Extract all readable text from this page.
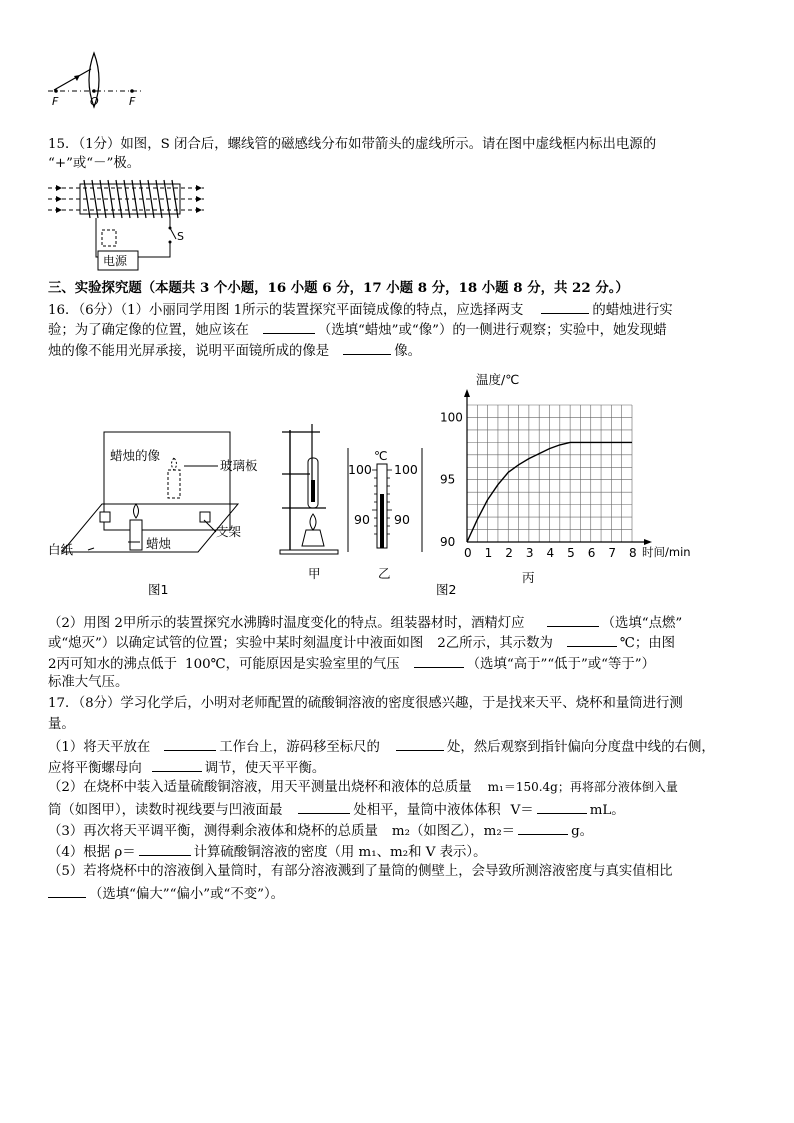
F	O	F
15．（1分）如图，S 闭合后，螺线管的磁感线分布如带箭头的虚线所示。请在图中虚线框内标出电源的
“+”或“－”极。
S
电源
三、实验探究题（本题共 3 个小题，16 小题 6 分，17 小题 8 分，18 小题 8 分，共 22 分。）
16．（6分）（1）小丽同学用图 1所示的装置探究平面镜成像的特点，应选择两支	的蜡烛进行实
验；为了确定像的位置，她应该在	（选填“蜡烛”或“像”）的一侧进行观察；实验中，她发现蜡
烛的像不能用光屏承接，说明平面镜所成的像是	像。
蜡烛的像
玻璃板
支架
白纸	蜡烛
图1
℃
100
90
100
90
甲	乙
图2
0 1 2 3 4 5 6 7 8
90
95
100
温度/℃
时间/min
丙
（2）用图 2甲所示的装置探究水沸腾时温度变化的特点。组装器材时，酒精灯应	（选填“点燃”
或“熄灭”）以确定试管的位置；实验中某时刻温度计中液面如图 2乙所示，其示数为	℃；由图
2丙可知水的沸点低于 100℃，可能原因是实验室里的气压	（选填“高于”“低于”或“等于”）
标准大气压。
17．（8分）学习化学后，小明对老师配置的硫酸铜溶液的密度很感兴趣，于是找来天平、烧杯和量筒进行测
量。
（1）将天平放在	工作台上，游码移至标尺的	处，然后观察到指针偏向分度盘中线的右侧，
应将平衡螺母向	调节，使天平平衡。
（2）在烧杯中装入适量硫酸铜溶液，用天平测量出烧杯和液体的总质量 m₁＝150.4g；再将部分液体倒入量
筒（如图甲），读数时视线要与凹液面最	处相平，量筒中液体体积 V＝	mL。
（3）再次将天平调平衡，测得剩余液体和烧杯的总质量 m₂（如图乙），m₂＝	g。
（4）根据 ρ＝	计算硫酸铜溶液的密度（用 m₁、m₂和 V 表示）。
（5）若将烧杯中的溶液倒入量筒时，有部分溶液溅到了量筒的侧壁上，会导致所测溶液密度与真实值相比
（选填“偏大”“偏小”或“不变”）。
